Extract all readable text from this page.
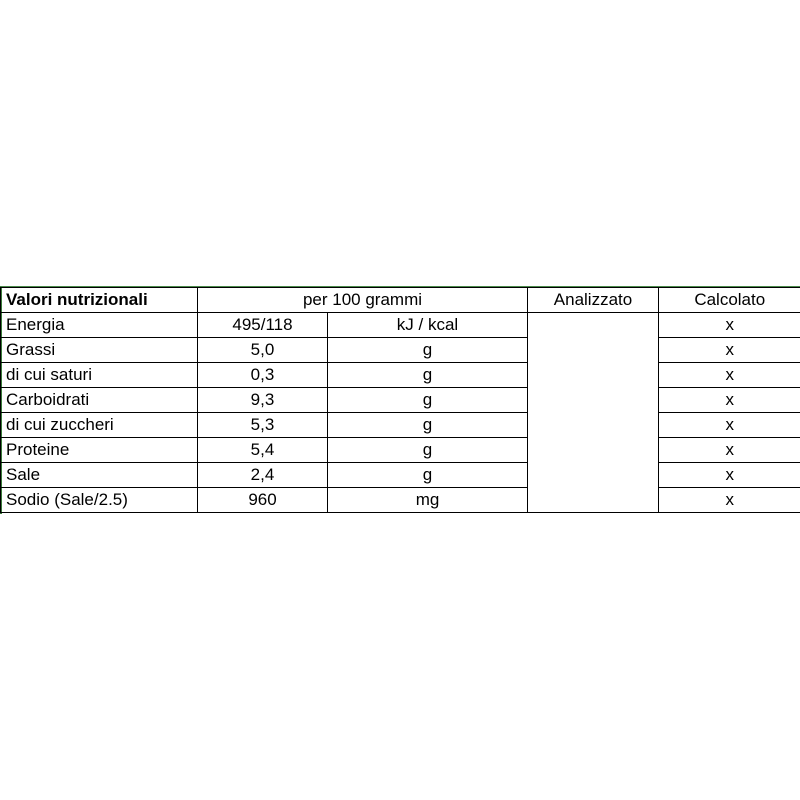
Valori nutrizionali	per 100 grammi		Analizzato	Calcolato
Energia	495/118	kJ / kcal		x
Grassi	5,0	g		x
di cui saturi	0,3	g		x
Carboidrati	9,3	g		x
di cui zuccheri	5,3	g		x
Proteine	5,4	g		x
Sale	2,4	g		x
Sodio (Sale/2.5)	960	mg		x
